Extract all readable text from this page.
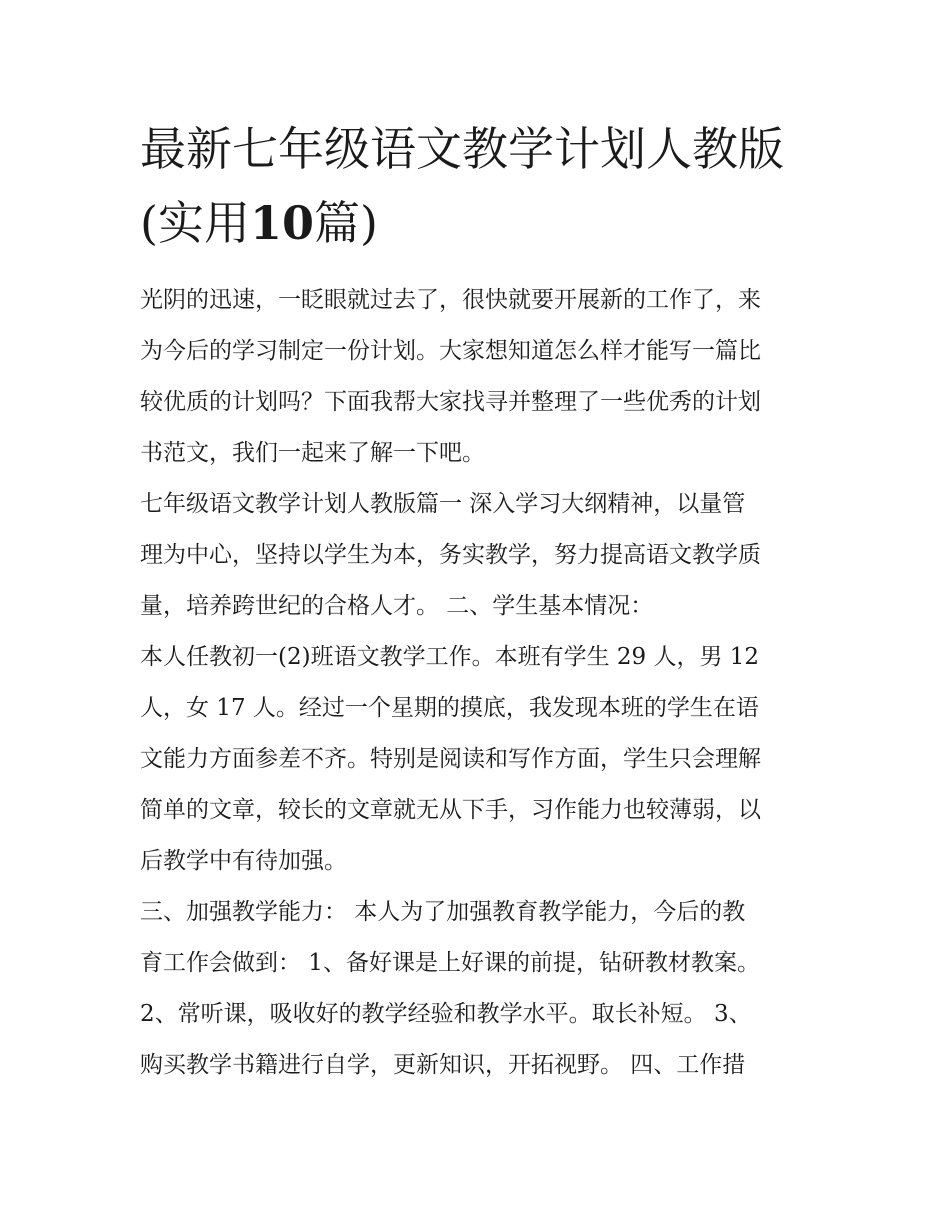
最新七年级语文教学计划人教版(实用10篇)

光阴的迅速，一眨眼就过去了，很快就要开展新的工作了，来

为今后的学习制定一份计划。大家想知道怎么样才能写一篇比

较优质的计划吗？下面我帮大家找寻并整理了一些优秀的计划

书范文，我们一起来了解一下吧。

七年级语文教学计划人教版篇一 深入学习大纲精神，以量管

理为中心，坚持以学生为本，务实教学，努力提高语文教学质

量，培养跨世纪的合格人才。 二、学生基本情况：

本人任教初一(2)班语文教学工作。本班有学生 29 人，男 12

人，女 17 人。经过一个星期的摸底，我发现本班的学生在语

文能力方面参差不齐。特别是阅读和写作方面，学生只会理解

简单的文章，较长的文章就无从下手，习作能力也较薄弱，以

后教学中有待加强。

三、加强教学能力： 本人为了加强教育教学能力，今后的教

育工作会做到： 1、备好课是上好课的前提，钻研教材教案。

2、常听课，吸收好的教学经验和教学水平。取长补短。 3、

购买教学书籍进行自学，更新知识，开拓视野。 四、工作措
